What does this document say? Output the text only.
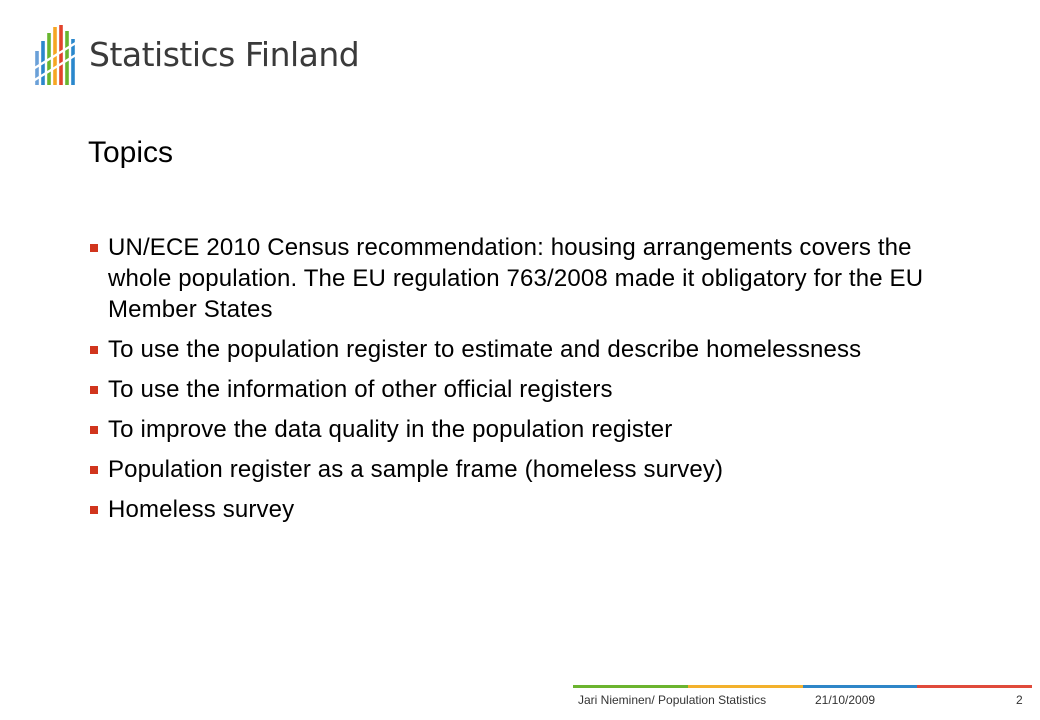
Statistics Finland
Topics
UN/ECE 2010 Census recommendation: housing arrangements covers the whole population. The EU regulation 763/2008 made it obligatory for the EU Member States
To use the population register to estimate and describe homelessness
To use the information of other official registers
To improve the data quality in the population register
Population register as a sample frame (homeless survey)
Homeless survey
Jari Nieminen/ Population Statistics	21/10/2009	2
